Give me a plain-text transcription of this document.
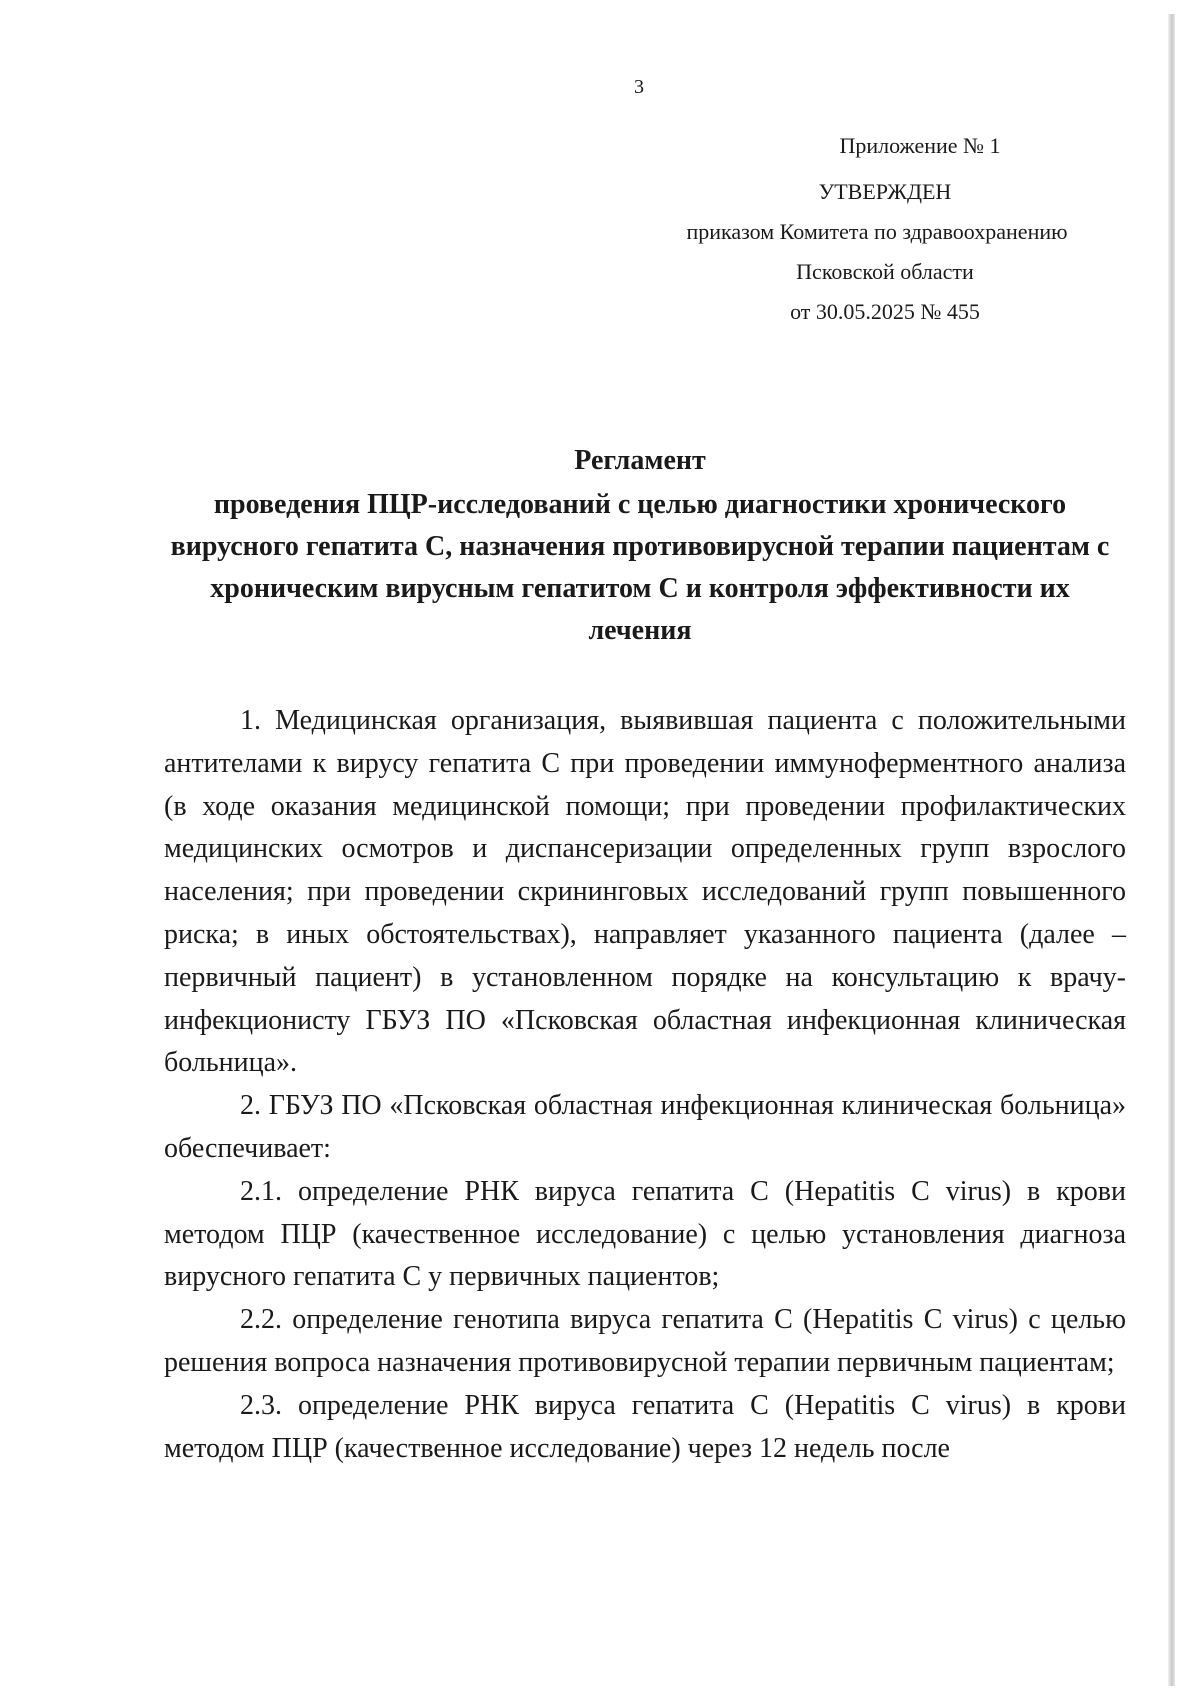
3
Приложение № 1
УТВЕРЖДЕН
приказом Комитета по здравоохранению
Псковской области
от 30.05.2025 № 455
Регламент
проведения ПЦР-исследований с целью диагностики хронического вирусного гепатита С, назначения противовирусной терапии пациентам с хроническим вирусным гепатитом С и контроля эффективности их лечения

1. Медицинская организация, выявившая пациента с положительными антителами к вирусу гепатита С при проведении иммуноферментного анализа (в ходе оказания медицинской помощи; при проведении профилактических медицинских осмотров и диспансеризации определенных групп взрослого населения; при проведении скрининговых исследований групп повышенного риска; в иных обстоятельствах), направляет указанного пациента (далее – первичный пациент) в установленном порядке на консультацию к врачу-инфекционисту ГБУЗ ПО «Псковская областная инфекционная клиническая больница».

2. ГБУЗ ПО «Псковская областная инфекционная клиническая больница» обеспечивает:

2.1. определение РНК вируса гепатита С (Hepatitis C virus) в крови методом ПЦР (качественное исследование) с целью установления диагноза вирусного гепатита С у первичных пациентов;

2.2. определение генотипа вируса гепатита С (Hepatitis C virus) с целью решения вопроса назначения противовирусной терапии первичным пациентам;

2.3. определение РНК вируса гепатита С (Hepatitis C virus) в крови методом ПЦР (качественное исследование) через 12 недель после
